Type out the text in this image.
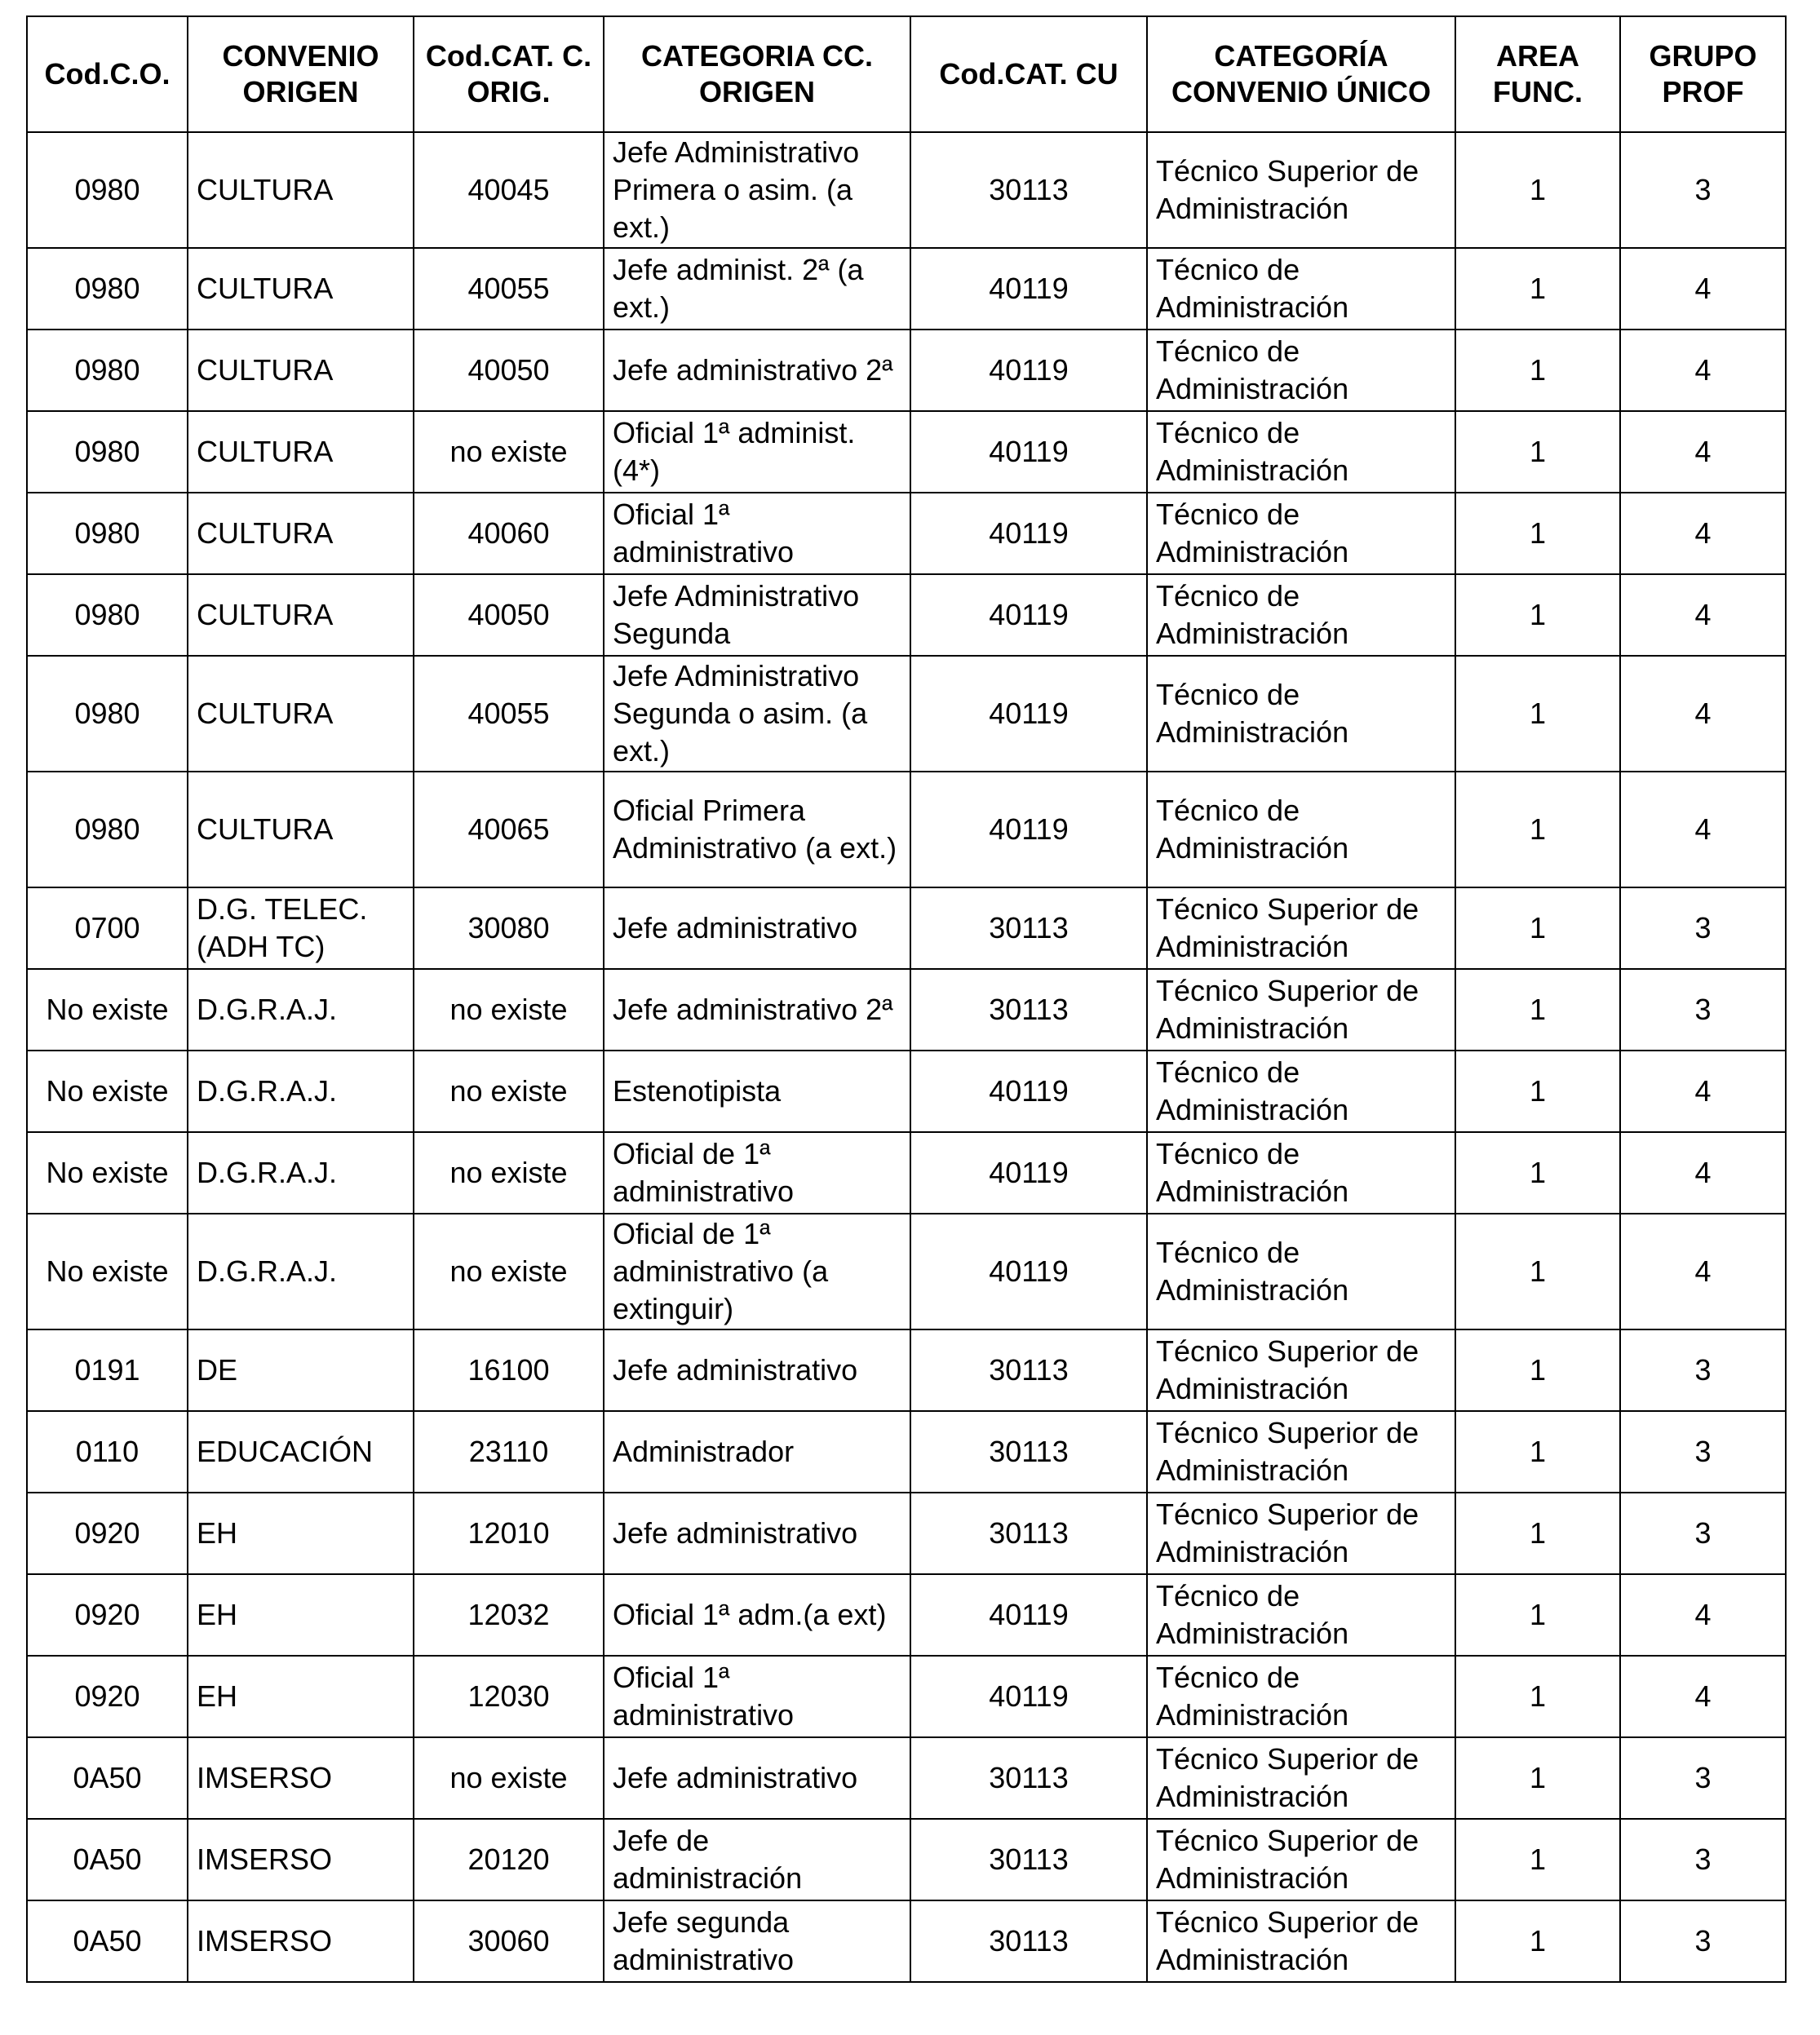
Cod.C.O.	CONVENIO ORIGEN	Cod.CAT. C. ORIG.	CATEGORIA CC. ORIGEN	Cod.CAT. CU	CATEGORÍA CONVENIO ÚNICO	AREA FUNC.	GRUPO PROF
0980	CULTURA	40045	Jefe Administrativo Primera o asim. (a ext.)	30113	Técnico Superior de Administración	1	3
0980	CULTURA	40055	Jefe administ. 2ª (a ext.)	40119	Técnico de Administración	1	4
0980	CULTURA	40050	Jefe administrativo 2ª	40119	Técnico de Administración	1	4
0980	CULTURA	no existe	Oficial 1ª administ.(4*)	40119	Técnico de Administración	1	4
0980	CULTURA	40060	Oficial 1ª administrativo	40119	Técnico de Administración	1	4
0980	CULTURA	40050	Jefe Administrativo Segunda	40119	Técnico de Administración	1	4
0980	CULTURA	40055	Jefe Administrativo Segunda o asim. (a ext.)	40119	Técnico de Administración	1	4
0980	CULTURA	40065	Oficial Primera Administrativo (a ext.)	40119	Técnico de Administración	1	4
0700	D.G. TELEC. (ADH TC)	30080	Jefe administrativo	30113	Técnico Superior de Administración	1	3
No existe	D.G.R.A.J.	no existe	Jefe administrativo 2ª	30113	Técnico Superior de Administración	1	3
No existe	D.G.R.A.J.	no existe	Estenotipista	40119	Técnico de Administración	1	4
No existe	D.G.R.A.J.	no existe	Oficial de 1ª administrativo	40119	Técnico de Administración	1	4
No existe	D.G.R.A.J.	no existe	Oficial de 1ª administrativo (a extinguir)	40119	Técnico de Administración	1	4
0191	DE	16100	Jefe administrativo	30113	Técnico Superior de Administración	1	3
0110	EDUCACIÓN	23110	Administrador	30113	Técnico Superior de Administración	1	3
0920	EH	12010	Jefe administrativo	30113	Técnico Superior de Administración	1	3
0920	EH	12032	Oficial 1ª adm.(a ext)	40119	Técnico de Administración	1	4
0920	EH	12030	Oficial 1ª administrativo	40119	Técnico de Administración	1	4
0A50	IMSERSO	no existe	Jefe administrativo	30113	Técnico Superior de Administración	1	3
0A50	IMSERSO	20120	Jefe de administración	30113	Técnico Superior de Administración	1	3
0A50	IMSERSO	30060	Jefe segunda administrativo	30113	Técnico Superior de Administración	1	3
